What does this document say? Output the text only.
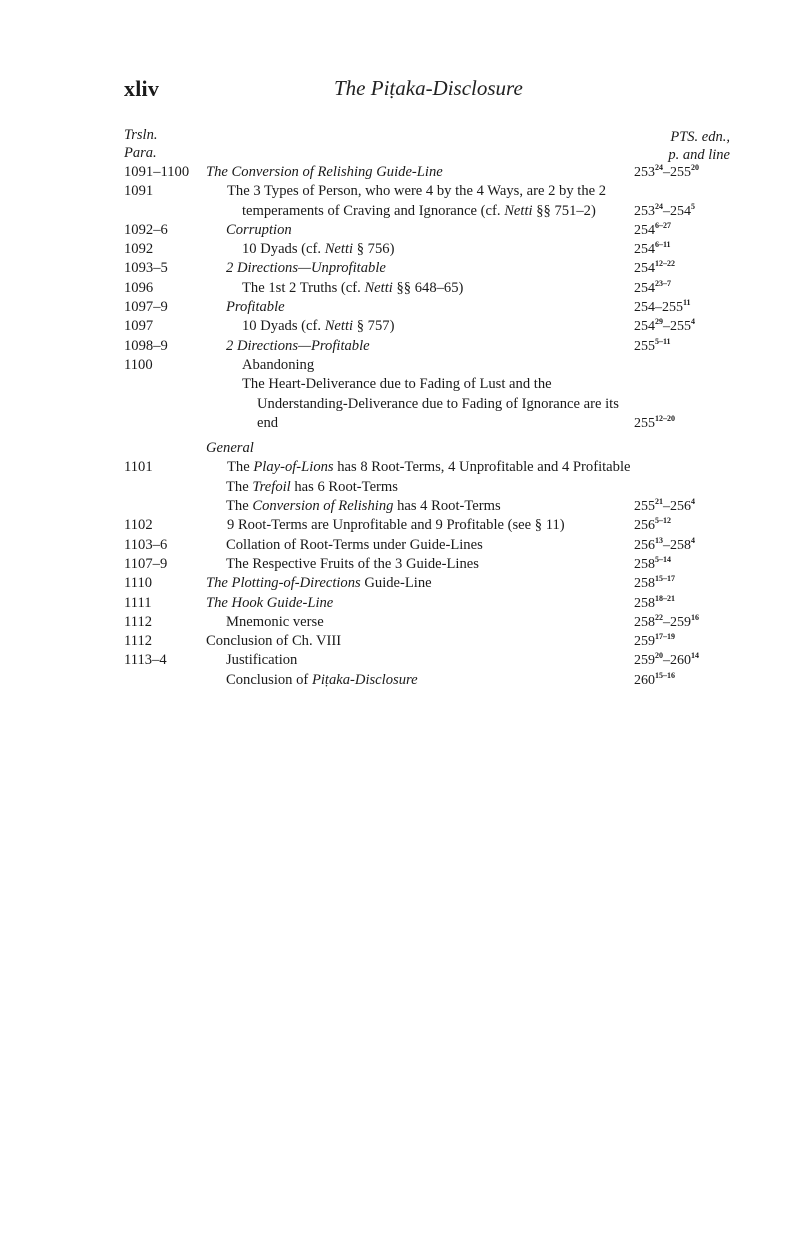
xliv	The Piṭaka-Disclosure
Trsln.
Para.
PTS. edn.,
p. and line
1091–1100	The Conversion of Relishing Guide-Line	$253^{24}-255^{20}$
1091	The 3 Types of Person, who were 4 by the 4 Ways, are 2 by the 2 temperaments of Craving and Ignorance (cf. Netti §§ 751–2)	$253^{24}-254^5$
1092–6	Corruption	254$^{6-27}$
1092	10 Dyads (cf. Netti § 756)	254$^{6-11}$
1093–5	2 Directions—Unprofitable	254$^{12-22}$
1096	The 1st 2 Truths (cf. Netti §§ 648–65)	254$^{23-7}$
1097–9	Profitable	$254-255^{11}$
1097	10 Dyads (cf. Netti § 757)	$254^{29}-255^4$
1098–9	2 Directions—Profitable	255$^{5-11}$
1100	Abandoning
The Heart-Deliverance due to Fading of Lust and the Understanding-Deliverance due to Fading of Ignorance are its end	255$^{12-20}$
General
1101	The Play-of-Lions has 8 Root-Terms, 4 Unprofitable and 4 Profitable
The Trefoil has 6 Root-Terms
The Conversion of Relishing has 4 Root-Terms	$255^{21}-256^4$
1102	9 Root-Terms are Unprofitable and 9 Profitable (see § 11)	256$^{5-12}$
1103–6	Collation of Root-Terms under Guide-Lines	$256^{13}-258^4$
1107–9	The Respective Fruits of the 3 Guide-Lines	258$^{5-14}$
1110	The Plotting-of-Directions Guide-Line	258$^{15-17}$
1111	The Hook Guide-Line	258$^{18-21}$
1112	Mnemonic verse	$258^{22}-259^{16}$
1112	Conclusion of Ch. VIII	259$^{17-19}$
1113–4	Justification	$259^{20}-260^{14}$
Conclusion of Piṭaka-Disclosure	260$^{15-16}$
